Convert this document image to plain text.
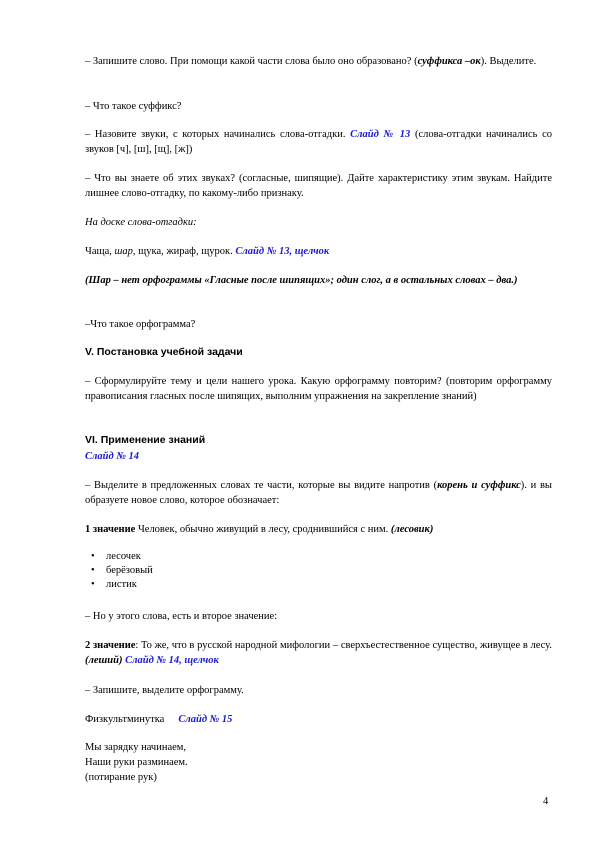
– Запишите слово. При помощи какой части слова было оно образовано? (суффикса –ок). Выделите.

– Что такое суффикс?

– Назовите звуки, с которых начинались слова-отгадки. Слайд № 13 (слова-отгадки начинались со звуков [ч], [ш], [щ], [ж])

– Что вы знаете об этих звуках? (согласные, шипящие). Дайте характеристику этим звукам. Найдите лишнее слово-отгадку, по какому-либо признаку.

На доске слова-отгадки:

Чаща, шар, щука, жираф, щурок. Слайд № 13, щелчок

(Шар – нет орфограммы «Гласные после шипящих»; один слог, а в остальных словах – два.)

–Что такое орфограмма?

V. Постановка учебной задачи

– Сформулируйте тему и цели нашего урока. Какую орфограмму повторим? (повторим орфограмму правописания гласных после шипящих, выполним упражнения на закрепление знаний)

VI. Применение знаний

Слайд № 14

– Выделите в предложенных словах те части, которые вы видите напротив (корень и суффикс). и вы образуете новое слово, которое обозначает:

1 значение Человек, обычно живущий в лесу, сроднившийся с ним. (лесовик)

• лесочек
• берёзовый
• листик

– Но у этого слова, есть и второе значение:

2 значение: То же, что в русской народной мифологии – сверхъестественное существо, живущее в лесу. (леший) Слайд № 14, щелчок

– Запишите, выделите орфограмму.

Физкультминутка Слайд № 15

Мы зарядку начинаем,

Наши руки разминаем.

(потирание рук)

4
